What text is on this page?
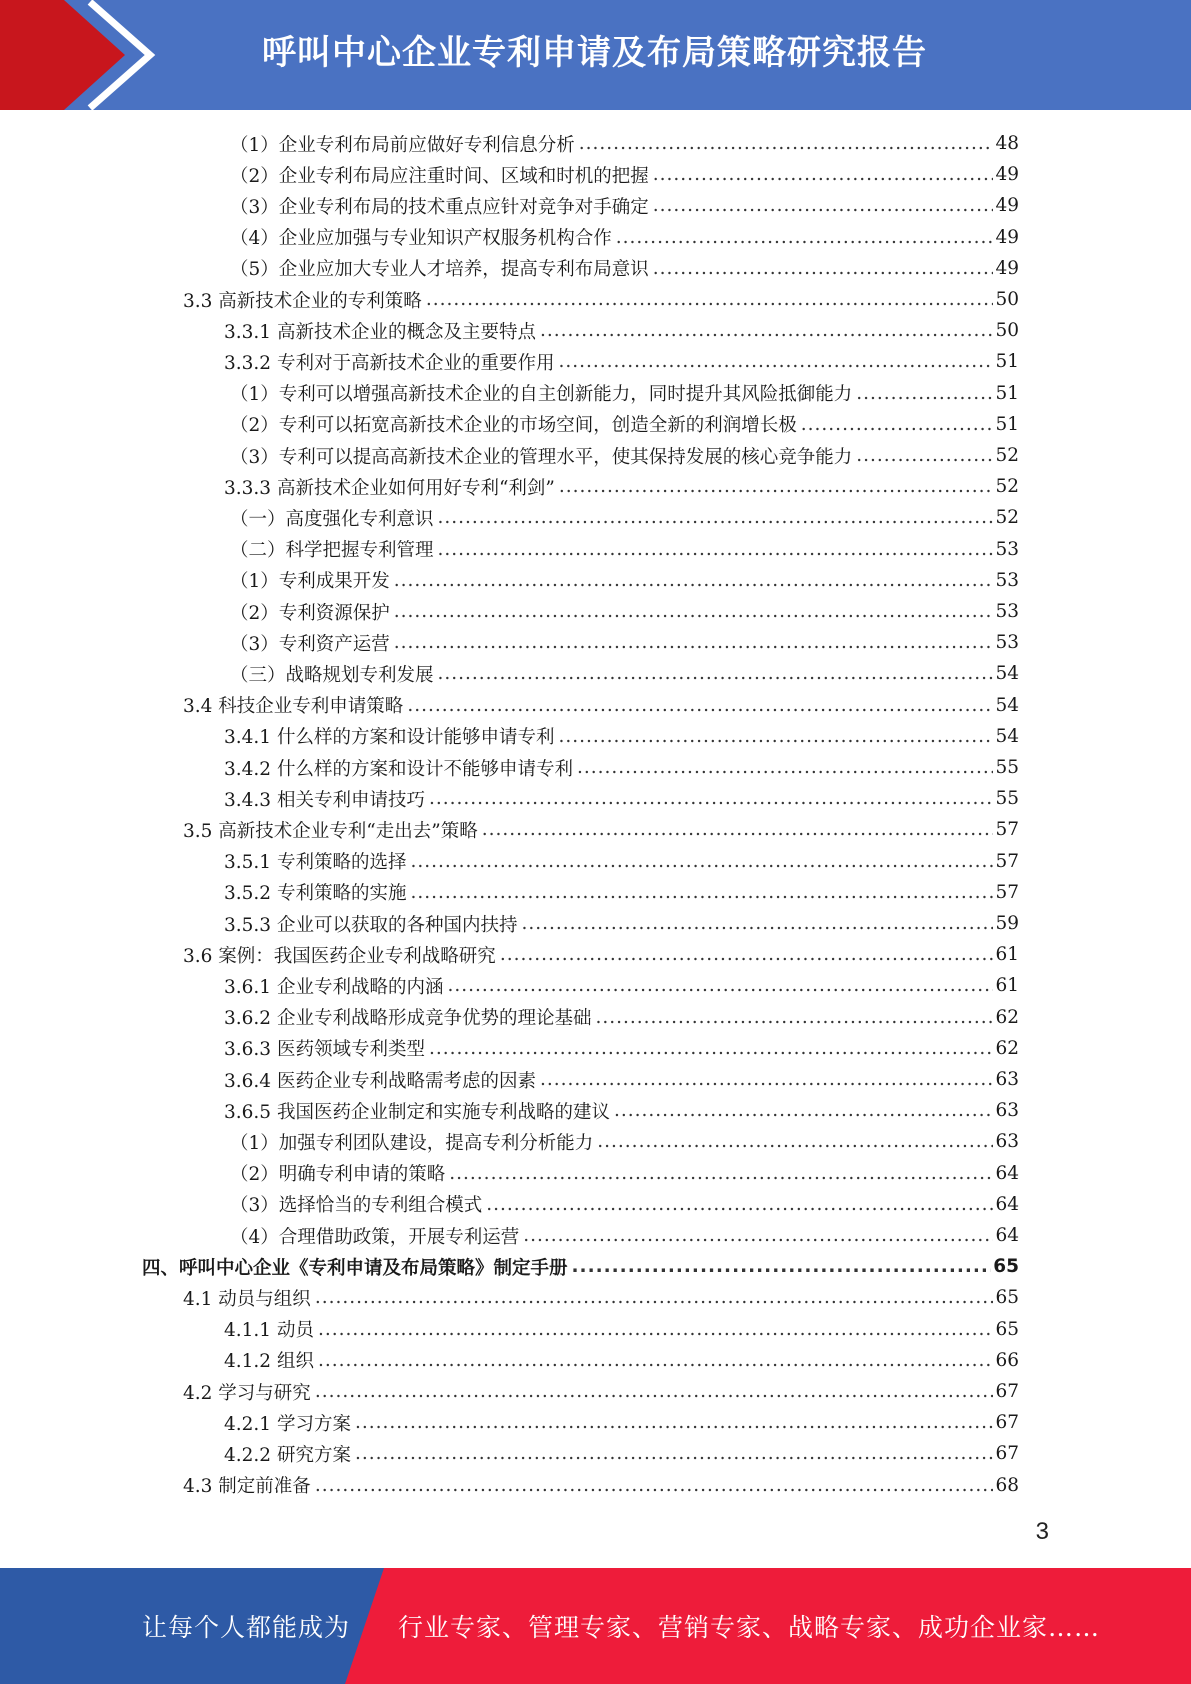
呼叫中心企业专利申请及布局策略研究报告
（1）企业专利布局前应做好专利信息分析 .....	48
（2）企业专利布局应注重时间、区域和时机的把握 .....	49
（3）企业专利布局的技术重点应针对竞争对手确定 .....	49
（4）企业应加强与专业知识产权服务机构合作 .....	49
（5）企业应加大专业人才培养，提高专利布局意识 .....	49
3.3 高新技术企业的专利策略 .....	50
3.3.1 高新技术企业的概念及主要特点 .....	50
3.3.2 专利对于高新技术企业的重要作用 .....	51
（1）专利可以增强高新技术企业的自主创新能力，同时提升其风险抵御能力 .....	51
（2）专利可以拓宽高新技术企业的市场空间，创造全新的利润增长极 .....	51
（3）专利可以提高高新技术企业的管理水平，使其保持发展的核心竞争能力 .....	52
3.3.3 高新技术企业如何用好专利“利剑” .....	52
（一）高度强化专利意识 .....	52
（二）科学把握专利管理 .....	53
（1）专利成果开发 .....	53
（2）专利资源保护 .....	53
（3）专利资产运营 .....	53
（三）战略规划专利发展 .....	54
3.4 科技企业专利申请策略 .....	54
3.4.1 什么样的方案和设计能够申请专利 .....	54
3.4.2 什么样的方案和设计不能够申请专利 .....	55
3.4.3 相关专利申请技巧 .....	55
3.5 高新技术企业专利“走出去”策略 .....	57
3.5.1 专利策略的选择 .....	57
3.5.2 专利策略的实施 .....	57
3.5.3 企业可以获取的各种国内扶持 .....	59
3.6 案例：我国医药企业专利战略研究 .....	61
3.6.1 企业专利战略的内涵 .....	61
3.6.2 企业专利战略形成竞争优势的理论基础 .....	62
3.6.3 医药领域专利类型 .....	62
3.6.4 医药企业专利战略需考虑的因素 .....	63
3.6.5 我国医药企业制定和实施专利战略的建议 .....	63
（1）加强专利团队建设，提高专利分析能力 .....	63
（2）明确专利申请的策略 .....	64
（3）选择恰当的专利组合模式 .....	64
（4）合理借助政策，开展专利运营 .....	64
四、呼叫中心企业《专利申请及布局策略》制定手册 .....	65
4.1 动员与组织 .....	65
4.1.1 动员 .....	65
4.1.2 组织 .....	66
4.2 学习与研究 .....	67
4.2.1 学习方案 .....	67
4.2.2 研究方案 .....	67
4.3 制定前准备 .....	68
3
让每个人都能成为 行业专家、管理专家、营销专家、战略专家、成功企业家……
